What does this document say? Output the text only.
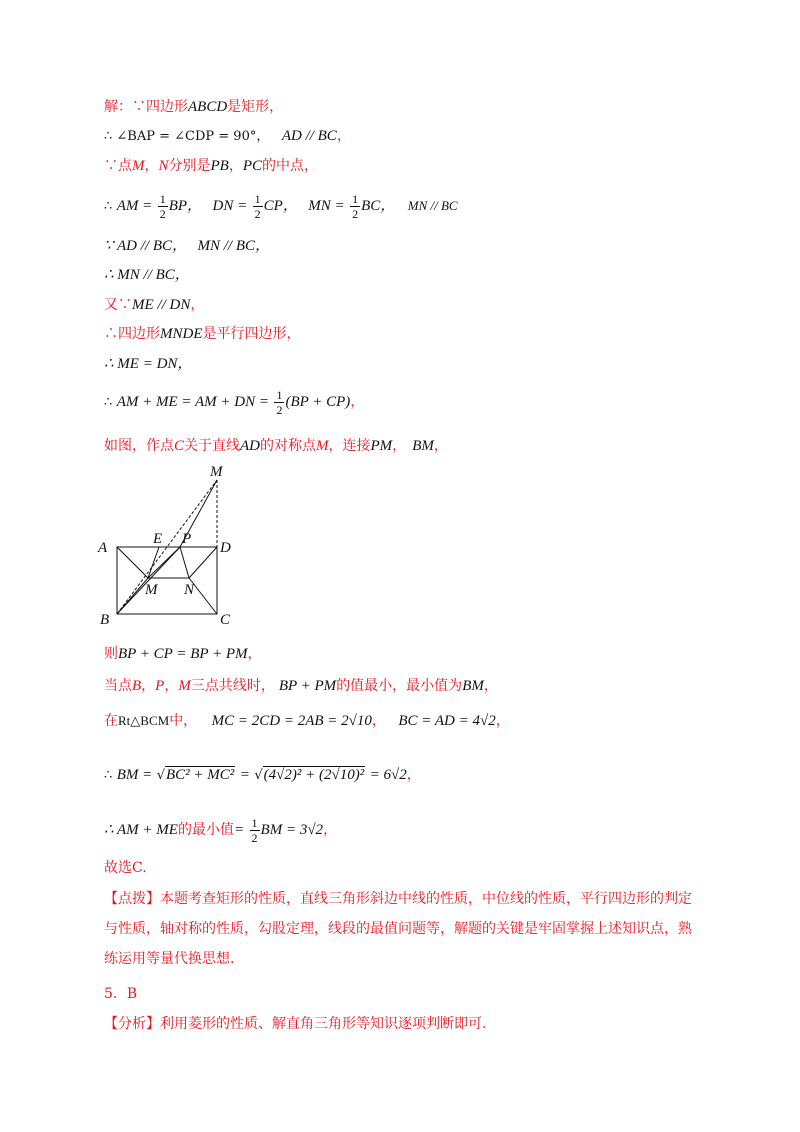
解：∵四边形ABCD是矩形，
∴ ∠BAP = ∠CDP = 90°， AD // BC，
∵点M，N分别是PB，PC的中点，
∴ AM = $\frac{1}{2}$ BP， DN = $\frac{1}{2}$ CP， MN = $\frac{1}{2}$ BC， MN // BC
∵ AD // BC， MN // BC，
∴ MN // BC，
又∵ME // DN，
∴四边形MNDE是平行四边形，
∴ ME = DN，
∴ AM + ME = AM + DN = $\frac{1}{2} (BP + CP)$，
如图，作点C关于直线AD的对称点M，连接PM， BM，
A
B	C
D
E P
M N
M
则BP + CP = BP + PM，
当点B，P，M三点共线时， BP + PM的值最小，最小值为BM，
在Rt△BCM中， MC = 2CD = 2AB = 2√10， BC = AD = 4√2，
∴ BM = √BC² + MC² = √(4√2)² + (2√10)² = 6√2，
∴ AM + ME的最小值= $\frac{1}{2}$ BM = 3√2，
故选C.
【点拨】本题考查矩形的性质，直线三角形斜边中线的性质，中位线的性质，平行四边形的判定与性质，轴对称的性质，勾股定理，线段的最值问题等，解题的关键是牢固掌握上述知识点，熟练运用等量代换思想.
5．B
【分析】利用菱形的性质、解直角三角形等知识逐项判断即可.
